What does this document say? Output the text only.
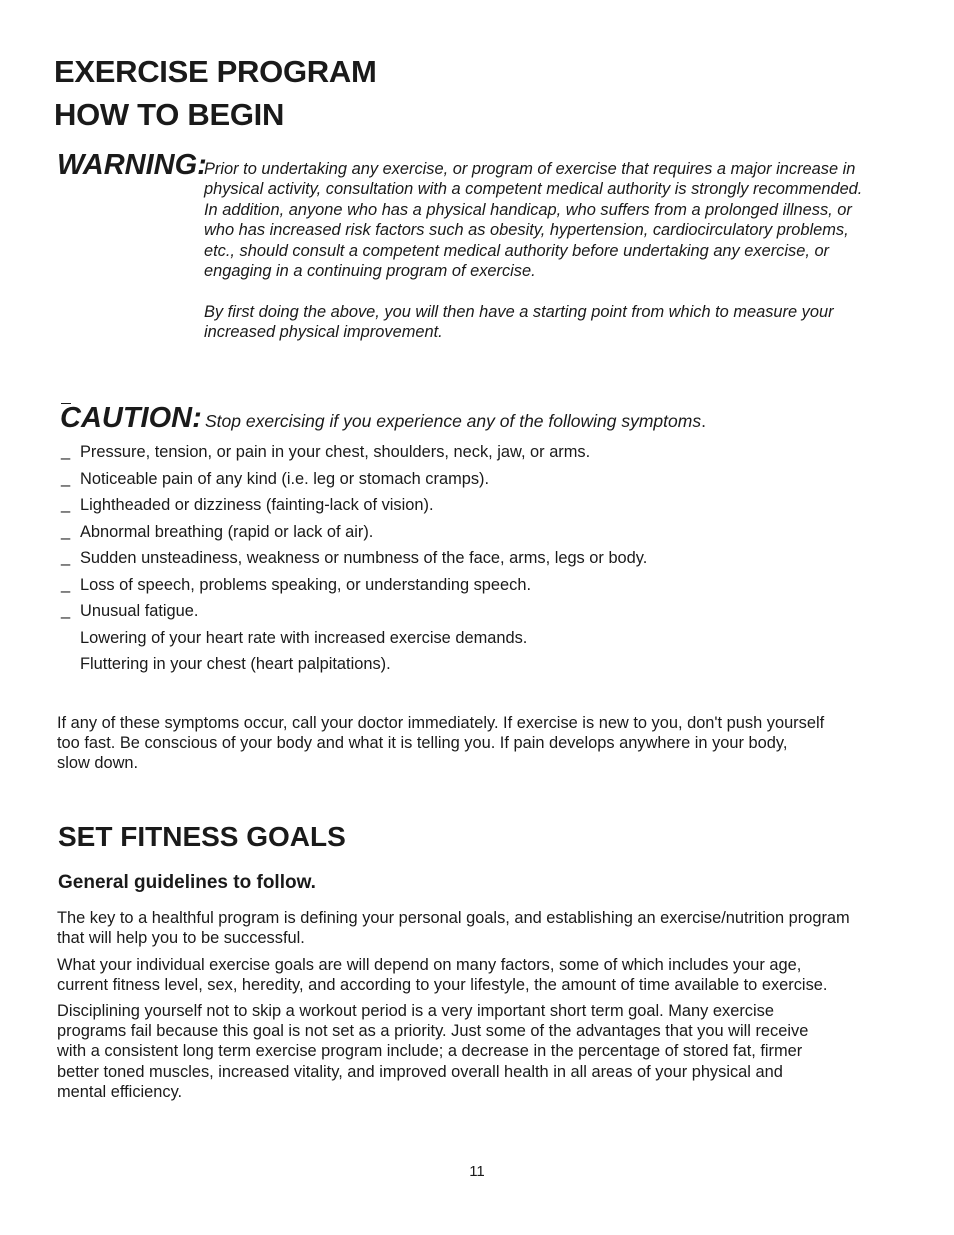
EXERCISE PROGRAM
HOW TO BEGIN
WARNING:

Prior to undertaking any exercise, or program of exercise that requires a major increase in

physical activity, consultation with a competent medical authority is strongly recommended.

In addition, anyone who has a physical handicap, who suffers from a prolonged illness, or

who has increased risk factors such as obesity, hypertension, cardiocirculatory problems,

etc., should consult a competent medical authority before undertaking any exercise, or

engaging in a continuing program of exercise.

By first doing the above, you will then have a starting point from which to measure your

increased physical improvement.

CAUTION: Stop exercising if you experience any of the following symptoms.
_ Pressure, tension, or pain in your chest, shoulders, neck, jaw, or arms.
_ Noticeable pain of any kind (i.e. leg or stomach cramps).
_ Lightheaded or dizziness (fainting-lack of vision).
_ Abnormal breathing (rapid or lack of air).
_ Sudden unsteadiness, weakness or numbness of the face, arms, legs or body.
_ Loss of speech, problems speaking, or understanding speech.
_ Unusual fatigue.
Lowering of your heart rate with increased exercise demands.
Fluttering in your chest (heart palpitations).

If any of these symptoms occur, call your doctor immediately. If exercise is new to you, don't push yourself

too fast. Be conscious of your body and what it is telling you. If pain develops anywhere in your body,

slow down.

SET FITNESS GOALS
General guidelines to follow.

The key to a healthful program is defining your personal goals, and establishing an exercise/nutrition program

that will help you to be successful.

What your individual exercise goals are will depend on many factors, some of which includes your age,

current fitness level, sex, heredity, and according to your lifestyle, the amount of time available to exercise.

Disciplining yourself not to skip a workout period is a very important short term goal. Many exercise

programs fail because this goal is not set as a priority. Just some of the advantages that you will receive

with a consistent long term exercise program include; a decrease in the percentage of stored fat, firmer

better toned muscles, increased vitality, and improved overall health in all areas of your physical and

mental efficiency.

11
